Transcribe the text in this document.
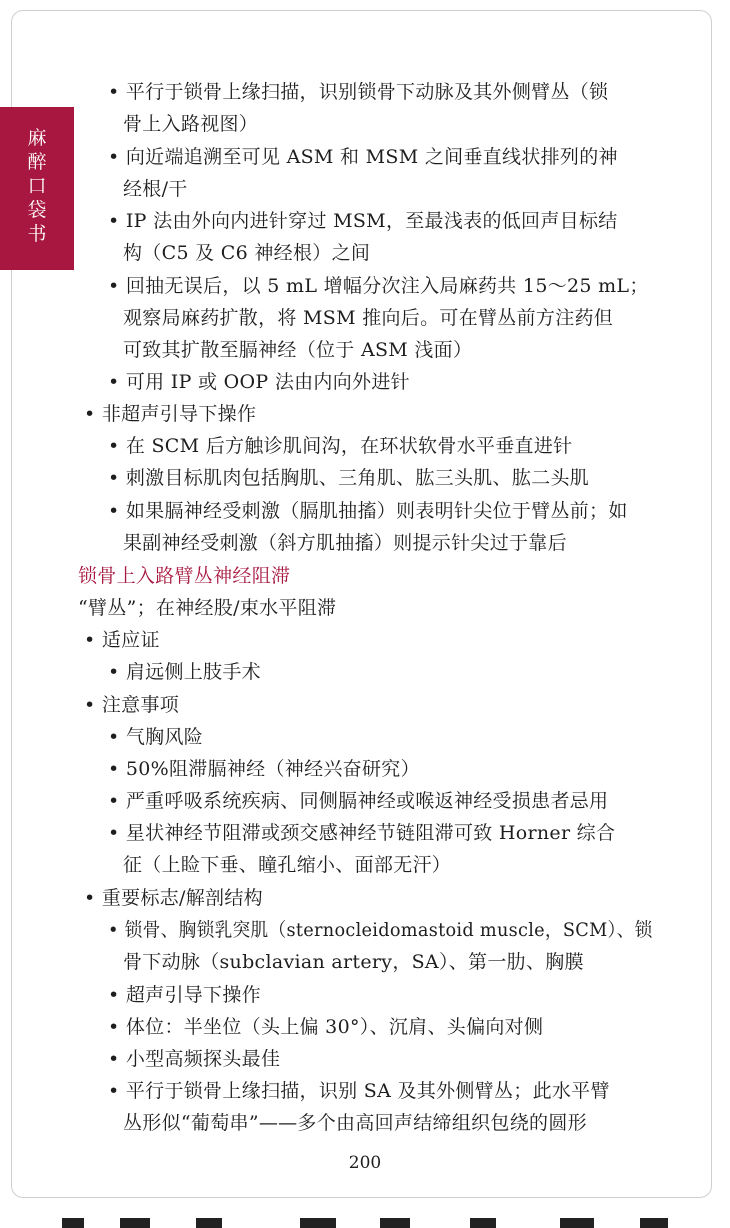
麻
醉
口
袋
书
• 平行于锁骨上缘扫描，识别锁骨下动脉及其外侧臂丛（锁
骨上入路视图）
• 向近端追溯至可见 ASM 和 MSM 之间垂直线状排列的神
经根/干
• IP 法由外向内进针穿过 MSM，至最浅表的低回声目标结
构（C5 及 C6 神经根）之间
• 回抽无误后，以 5 mL 增幅分次注入局麻药共 15～25 mL；
观察局麻药扩散，将 MSM 推向后。可在臂丛前方注药但
可致其扩散至膈神经（位于 ASM 浅面）
• 可用 IP 或 OOP 法由内向外进针
• 非超声引导下操作
• 在 SCM 后方触诊肌间沟，在环状软骨水平垂直进针
• 刺激目标肌肉包括胸肌、三角肌、肱三头肌、肱二头肌
• 如果膈神经受刺激（膈肌抽搐）则表明针尖位于臂丛前；如
果副神经受刺激（斜方肌抽搐）则提示针尖过于靠后
锁骨上入路臂丛神经阻滞
“臂丛”；在神经股/束水平阻滞
• 适应证
• 肩远侧上肢手术
• 注意事项
• 气胸风险
• 50%阻滞膈神经（神经兴奋研究）
• 严重呼吸系统疾病、同侧膈神经或喉返神经受损患者忌用
• 星状神经节阻滞或颈交感神经节链阻滞可致 Horner 综合
征（上睑下垂、瞳孔缩小、面部无汗）
• 重要标志/解剖结构
• 锁骨、胸锁乳突肌（sternocleidomastoid muscle，SCM）、锁
骨下动脉（subclavian artery，SA）、第一肋、胸膜
• 超声引导下操作
• 体位：半坐位（头上偏 30°）、沉肩、头偏向对侧
• 小型高频探头最佳
• 平行于锁骨上缘扫描，识别 SA 及其外侧臂丛；此水平臂
丛形似“葡萄串”——多个由高回声结缔组织包绕的圆形
200
